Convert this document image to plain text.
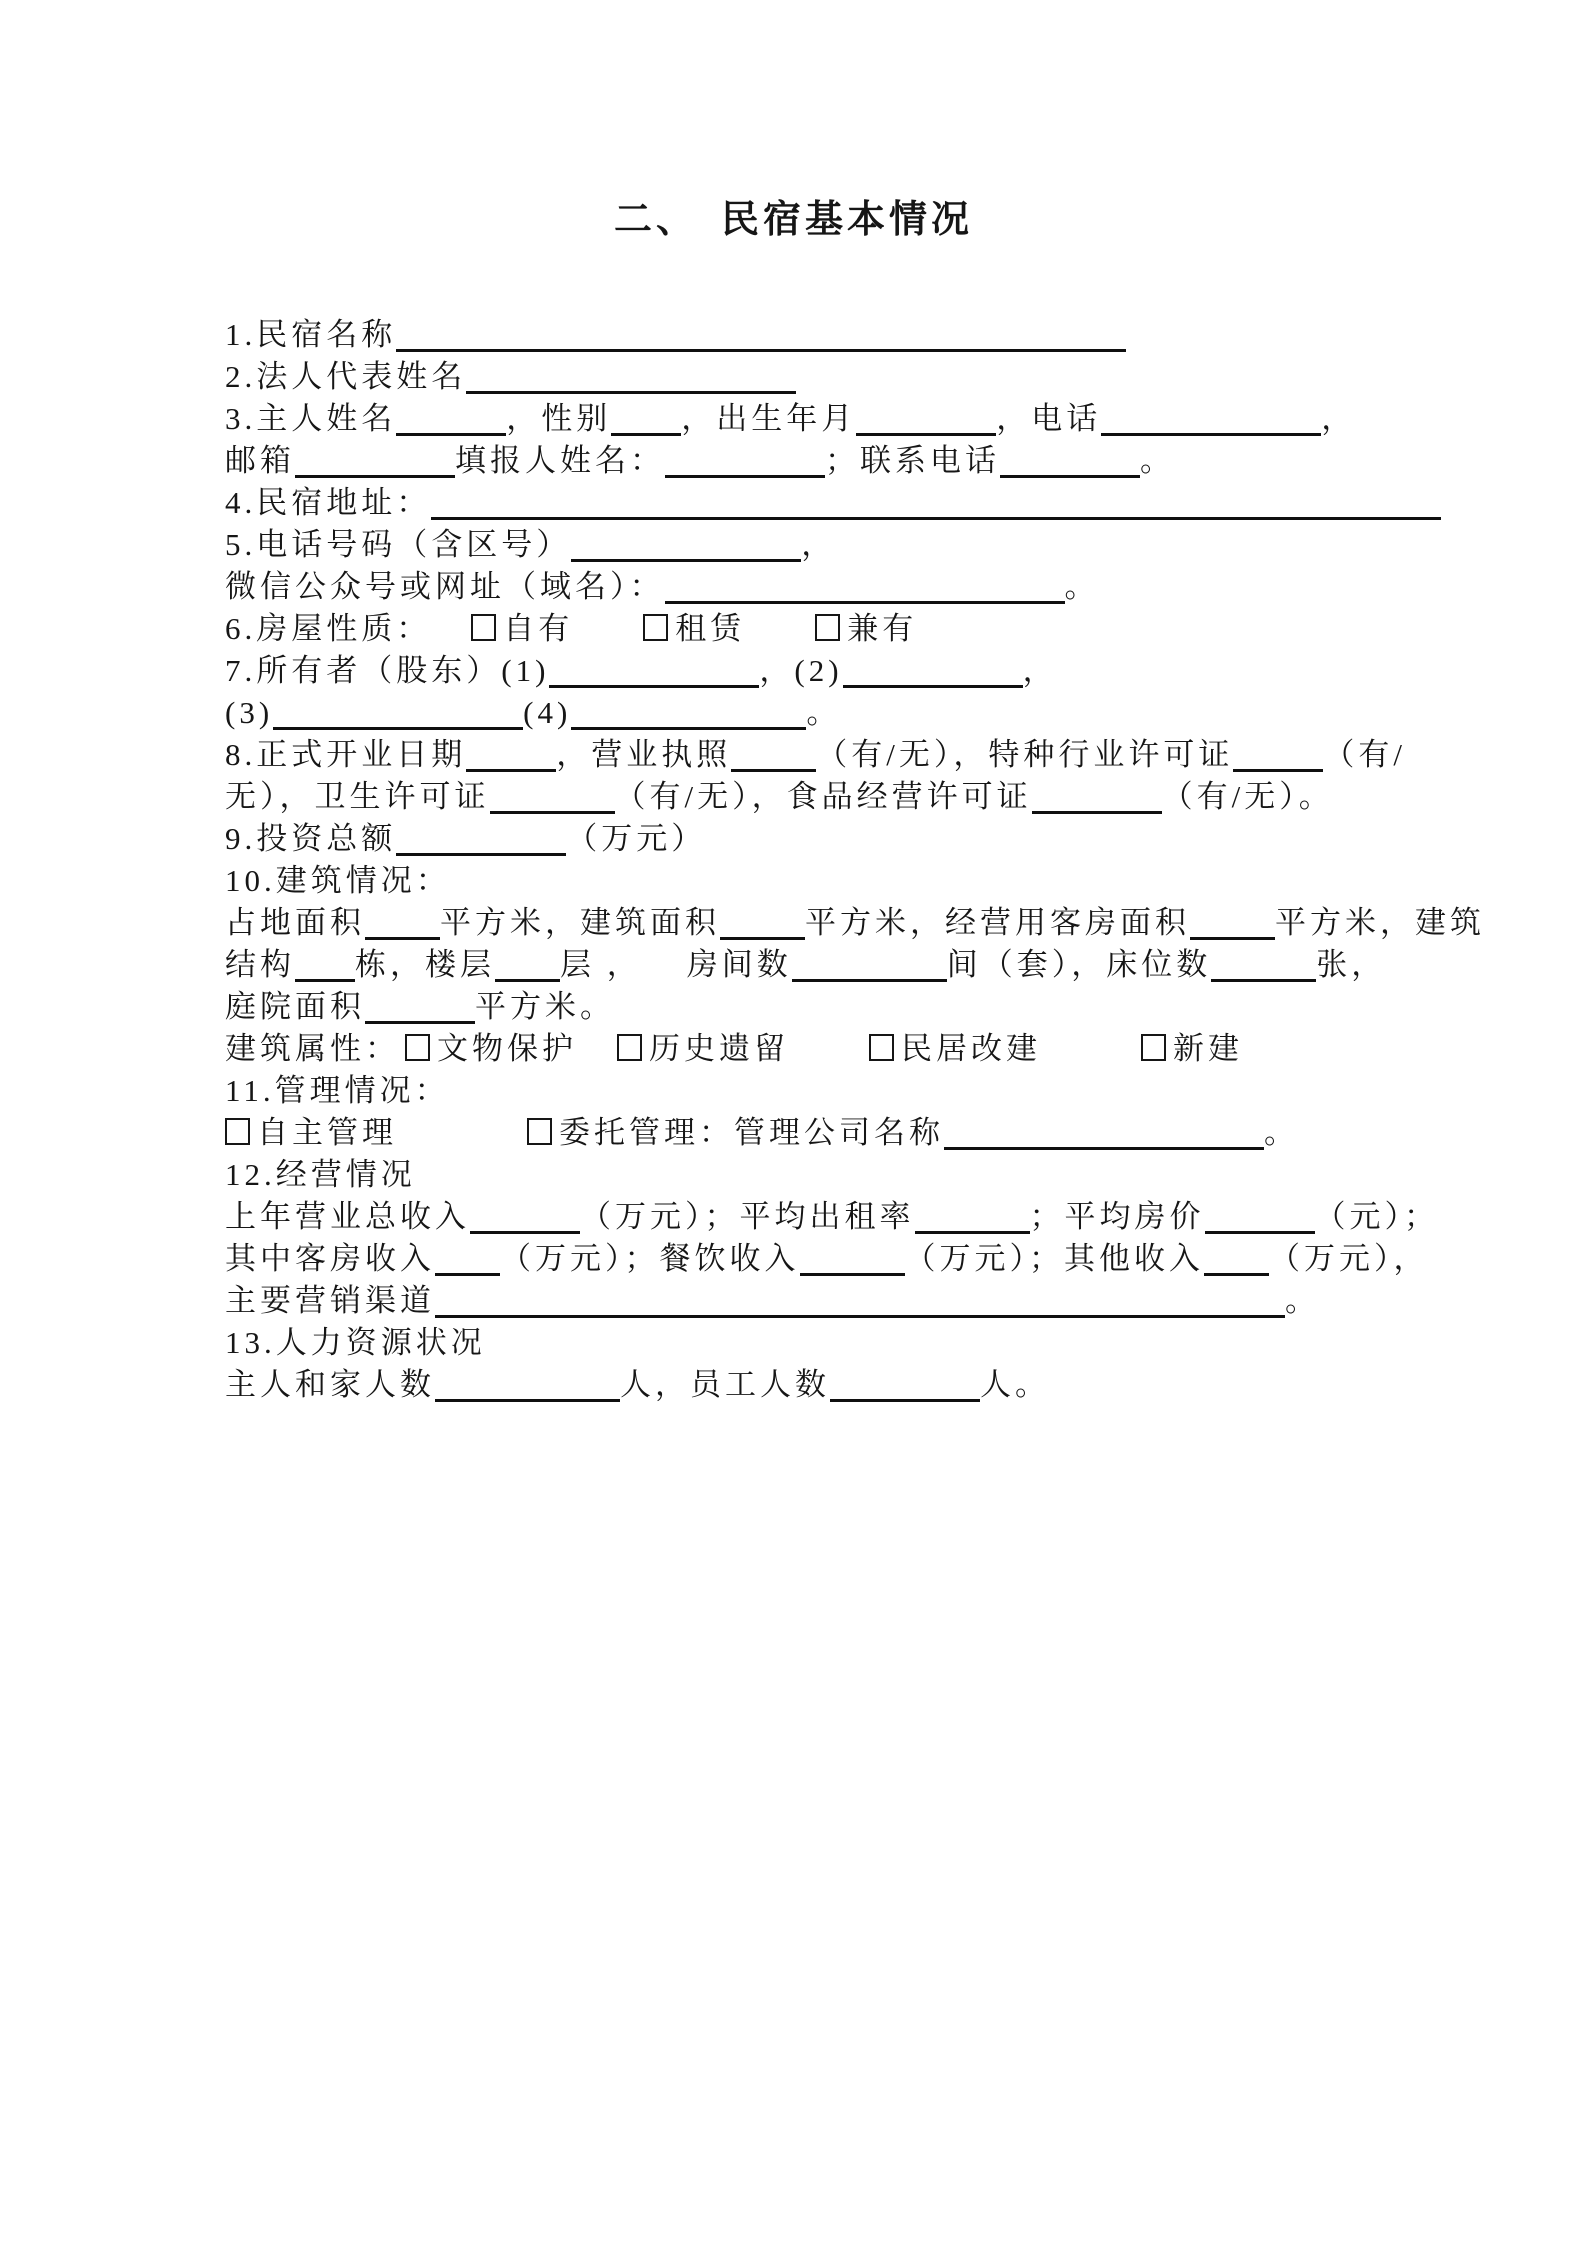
二、　民宿基本情况
1.民宿名称
2.法人代表姓名
3.主人姓名	，性别 ，出生年月	，电话	，
邮箱	填报人姓名：	；联系电话	。
4.民宿地址：
5.电话号码（含区号）	，
微信公众号或网址（域名）：	。
6.房屋性质： 自有	租赁	兼有
7.所有者（股东）(1)	，(2)	，
(3)	(4)	。
8.正式开业日期	，营业执照	（有/无），特种行业许可证	（有/
无），卫生许可证	（有/无），食品经营许可证	（有/无）。
9.投资总额	（万元）
10.建筑情况：
占地面积 平方米，建筑面积	平方米，经营用客房面积	平方米，建筑
结构 栋，楼层层 ， 房间数	间（套），床位数	张，
庭院面积	平方米。
建筑属性： 文物保护 历史遗留	民居改建	新建
11.管理情况：
自主管理	委托管理：管理公司名称	。
12.经营情况
上年营业总收入	（万元）；平均出租率	；平均房价	（元）；
其中客房收入 （万元）；餐饮收入	（万元）；其他收入 （万元），
主要营销渠道	。
13.人力资源状况
主人和家人数	人，员工人数	人。
